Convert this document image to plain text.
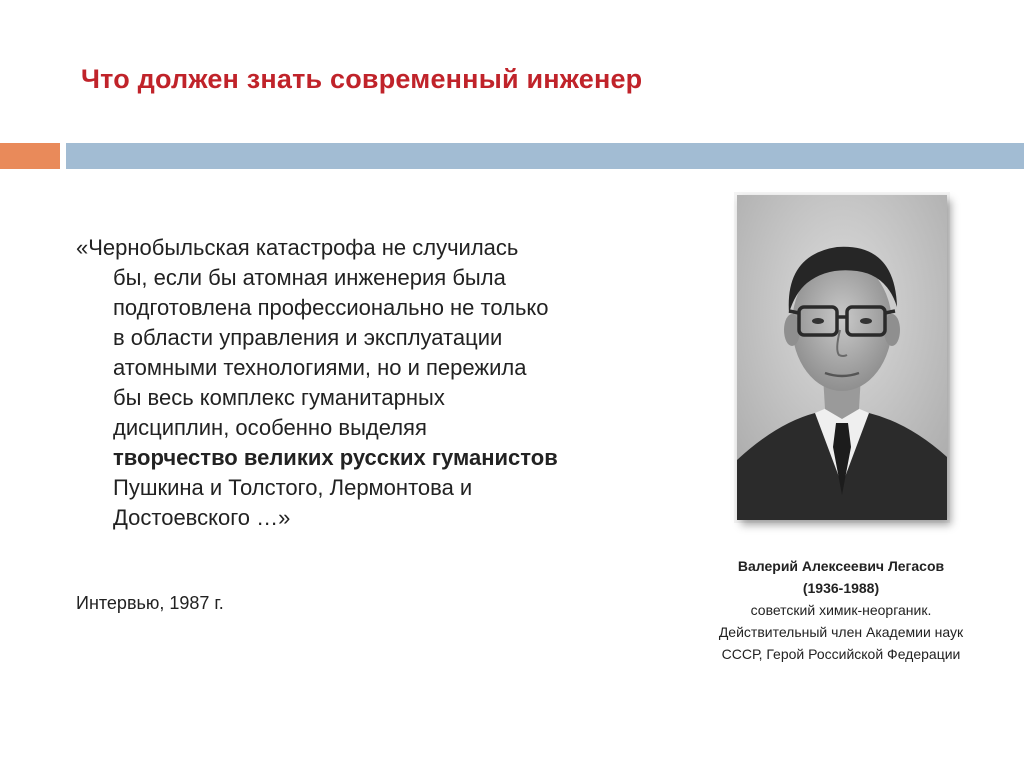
Что должен знать современный инженер
«Чернобыльская катастрофа не случилась
бы, если бы атомная инженерия была
подготовлена профессионально не только
в области управления и эксплуатации
атомными технологиями, но и пережила
бы весь комплекс гуманитарных
дисциплин, особенно выделяя
творчество великих русских гуманистов
Пушкина и Толстого, Лермонтова и
Достоевского …»
Интервью, 1987 г.
Валерий Алексеевич Легасов
(1936-1988)
советский химик-неорганик.
Действительный член Академии наук
СССР, Герой Российской Федерации
